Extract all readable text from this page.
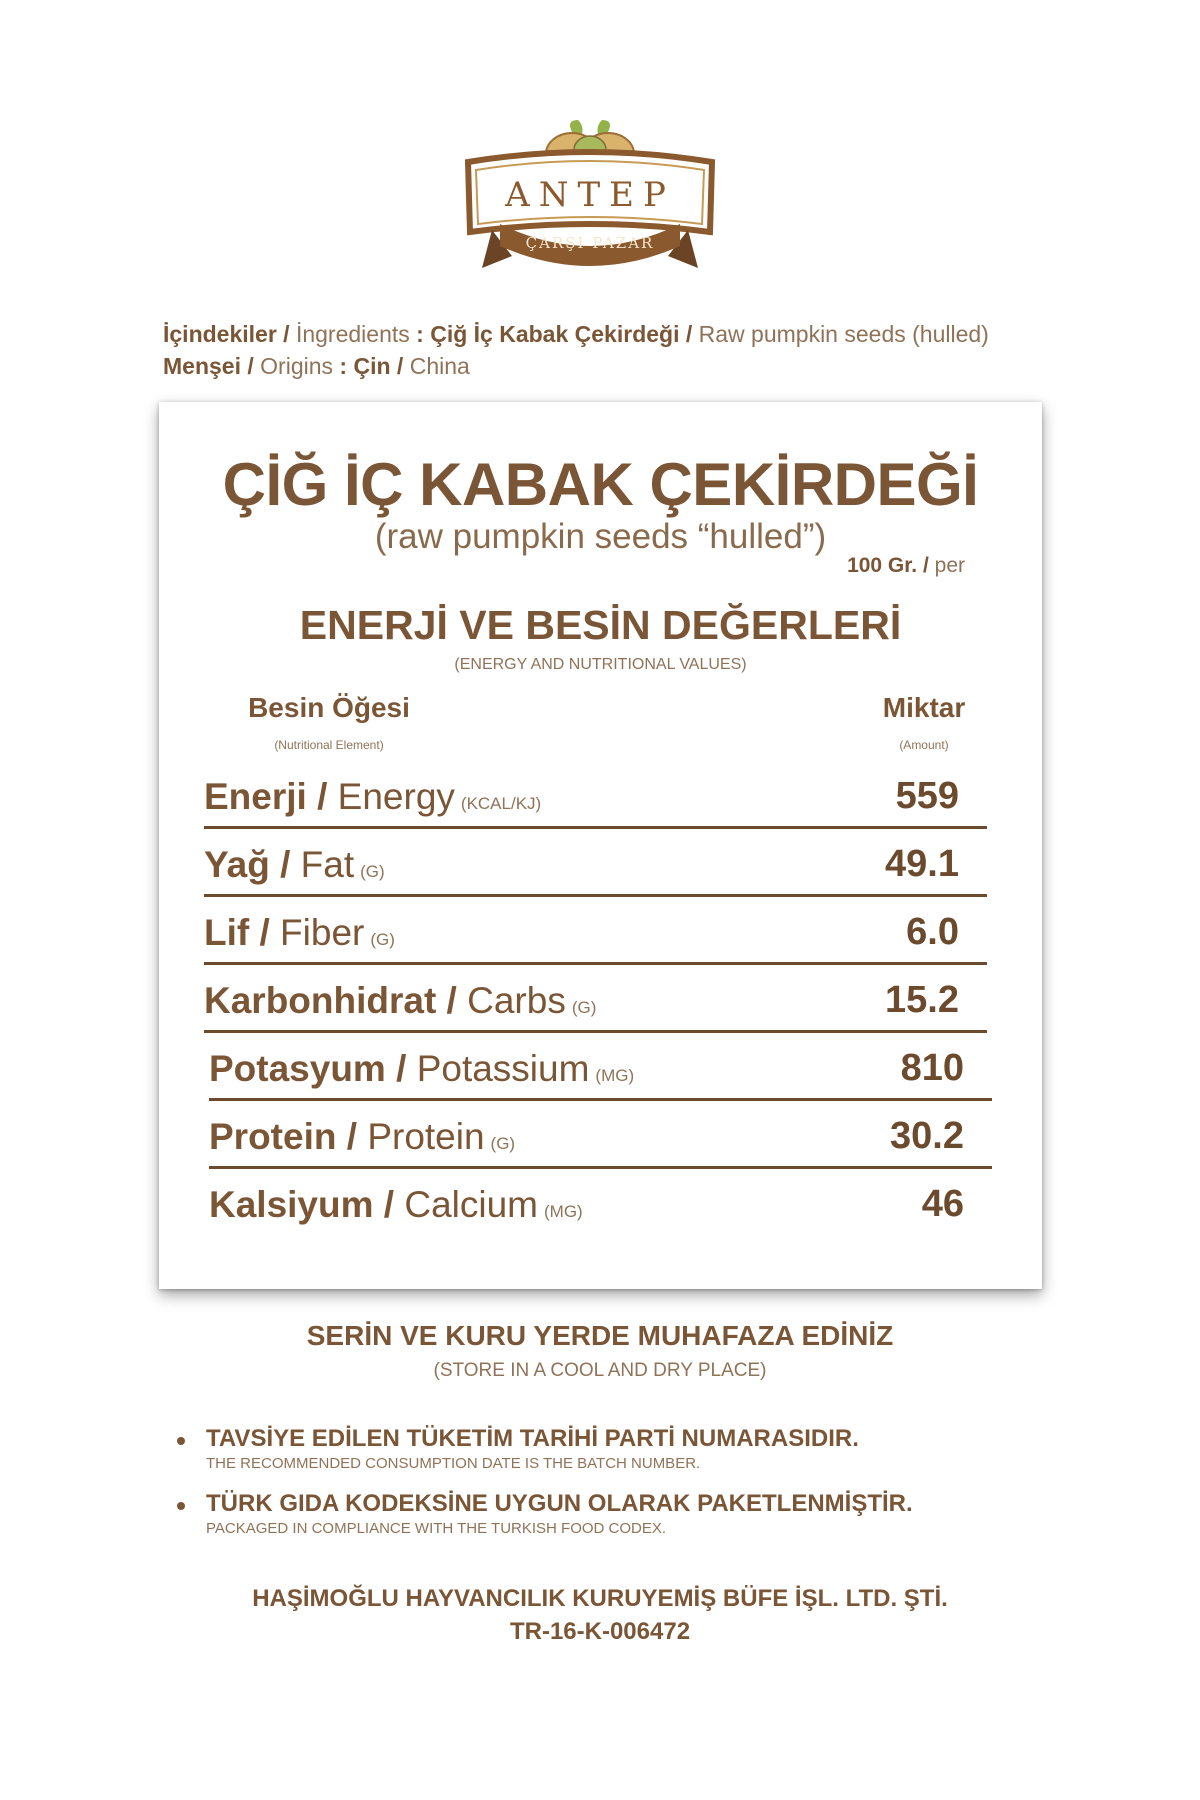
ANTEP
ÇARŞI PAZAR
İçindekiler / İngredients : Çiğ İç Kabak Çekirdeği / Raw pumpkin seeds (hulled)
Menşei / Origins : Çin / China
ÇİĞ İÇ KABAK ÇEKİRDEĞİ
(raw pumpkin seeds “hulled”)
100 Gr. / per
ENERJİ VE BESİN DEĞERLERİ
(ENERGY AND NUTRITIONAL VALUES)
Besin Öğesi
(Nutritional Element)
Miktar
(Amount)
Enerji / Energy (KCAL/KJ)	559
Yağ / Fat (G)	49.1
Lif / Fiber (G)	6.0
Karbonhidrat / Carbs (G)	15.2
Potasyum / Potassium (MG)	810
Protein / Protein (G)	30.2
Kalsiyum / Calcium (MG)	46
SERİN VE KURU YERDE MUHAFAZA EDİNİZ
(STORE IN A COOL AND DRY PLACE)
TAVSİYE EDİLEN TÜKETİM TARİHİ PARTİ NUMARASIDIR.
THE RECOMMENDED CONSUMPTION DATE IS THE BATCH NUMBER.
TÜRK GIDA KODEKSİNE UYGUN OLARAK PAKETLENMİŞTİR.
PACKAGED IN COMPLIANCE WITH THE TURKISH FOOD CODEX.
HAŞİMOĞLU HAYVANCILIK KURUYEMİŞ BÜFE İŞL. LTD. ŞTİ.
TR-16-K-006472
